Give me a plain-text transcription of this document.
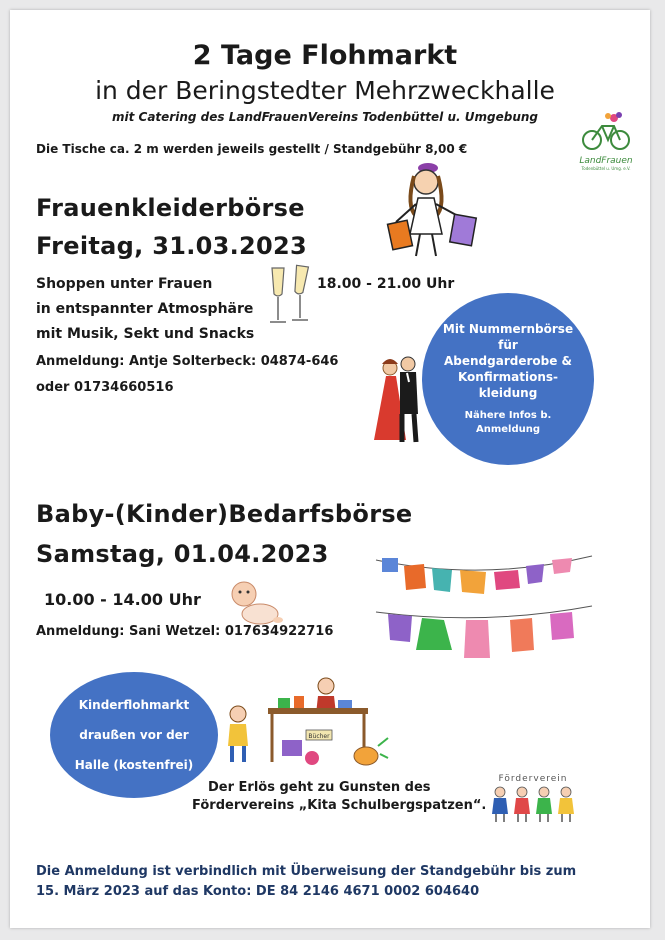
2 Tage Flohmarkt
in der Beringstedter Mehrzweckhalle
mit Catering des LandFrauenVereins Todenbüttel u. Umgebung
Die Tische ca. 2 m werden jeweils gestellt / Standgebühr 8,00 €
LandFrauen
Todenbüttel u. Umg. e.V.
Frauenkleiderbörse
Freitag, 31.03.2023
Shoppen unter Frauen	18.00 - 21.00 Uhr
in entspannter Atmosphäre
mit Musik, Sekt und Snacks
Anmeldung: Antje Solterbeck: 04874-646
oder 01734660516
Mit Nummernbörse
für
Abendgarderobe &
Konfirmations-
kleidung
Nähere Infos b.
Anmeldung
Baby-(Kinder)Bedarfsbörse
Samstag, 01.04.2023
10.00 - 14.00 Uhr
Anmeldung: Sani Wetzel: 017634922716
Kinderflohmarkt
draußen vor der
Halle (kostenfrei)
Bücher
Der Erlös geht zu Gunsten des
Fördervereins „Kita Schulbergspatzen“.
Förderverein
Die Anmeldung ist verbindlich mit Überweisung der Standgebühr bis zum
15. März 2023 auf das Konto: DE 84 2146 4671 0002 604640
